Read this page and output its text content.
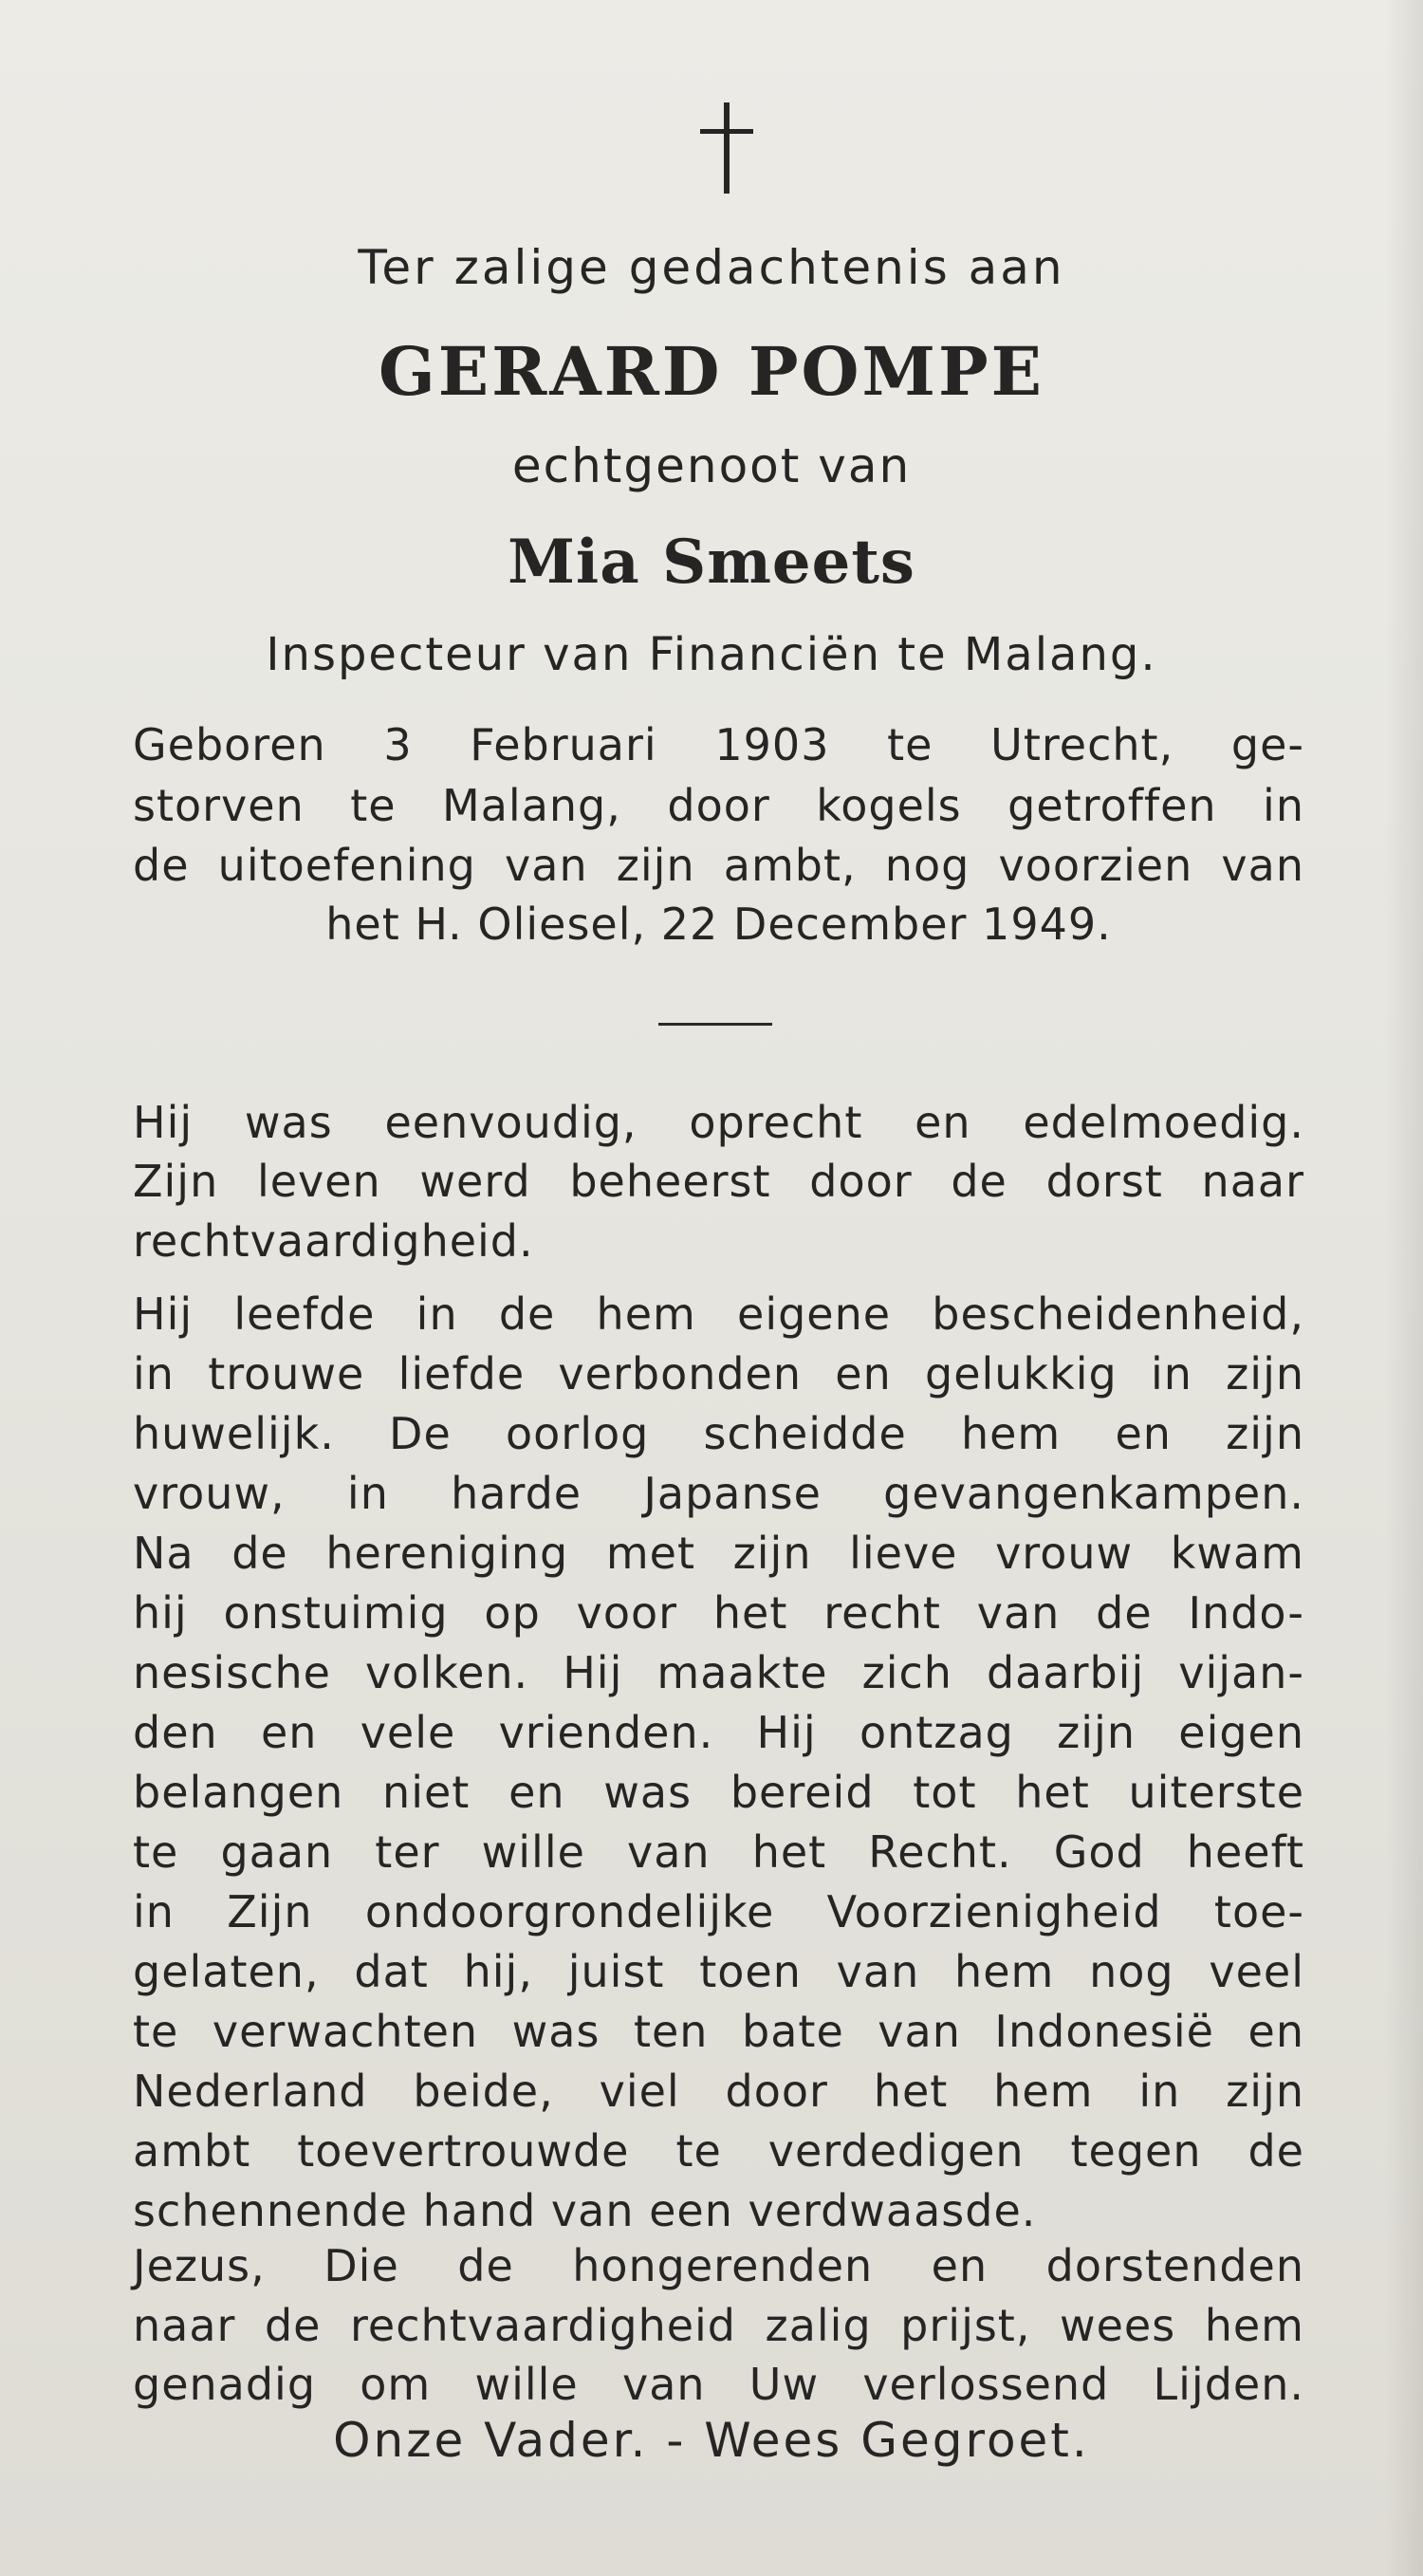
Ter zalige gedachtenis aan
GERARD POMPE
echtgenoot van
Mia Smeets
Inspecteur van Financiën te Malang.
Geboren 3 Februari 1903 te Utrecht, ge-
storven te Malang, door kogels getroffen in
de uitoefening van zijn ambt, nog voorzien van
het H. Oliesel, 22 December 1949.
Hij was eenvoudig, oprecht en edelmoedig.
Zijn leven werd beheerst door de dorst naar
rechtvaardigheid.
Hij leefde in de hem eigene bescheidenheid,
in trouwe liefde verbonden en gelukkig in zijn
huwelijk. De oorlog scheidde hem en zijn
vrouw, in harde Japanse gevangenkampen.
Na de hereniging met zijn lieve vrouw kwam
hij onstuimig op voor het recht van de Indo-
nesische volken. Hij maakte zich daarbij vijan-
den en vele vrienden. Hij ontzag zijn eigen
belangen niet en was bereid tot het uiterste
te gaan ter wille van het Recht. God heeft
in Zijn ondoorgrondelijke Voorzienigheid toe-
gelaten, dat hij, juist toen van hem nog veel
te verwachten was ten bate van Indonesië en
Nederland beide, viel door het hem in zijn
ambt toevertrouwde te verdedigen tegen de
schennende hand van een verdwaasde.
Jezus, Die de hongerenden en dorstenden
naar de rechtvaardigheid zalig prijst, wees hem
genadig om wille van Uw verlossend Lijden.
Onze Vader. - Wees Gegroet.
